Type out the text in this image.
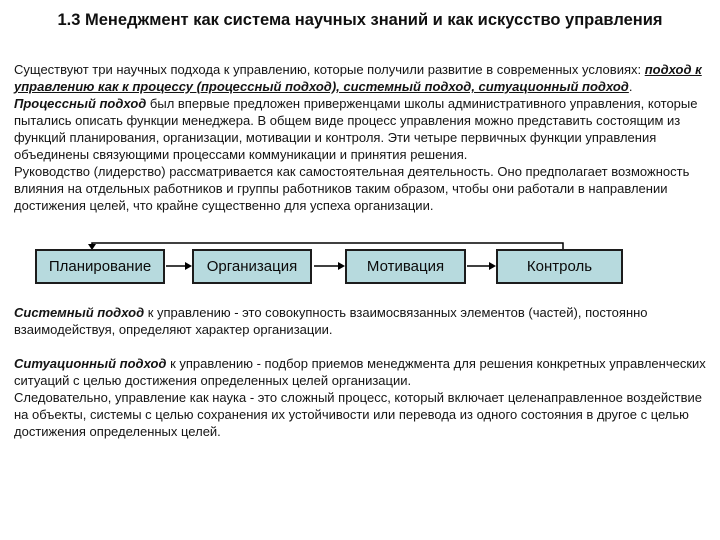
1.3 Менеджмент как система научных знаний и как искусство управления

Существуют три научных подхода к управлению, которые получили развитие в современных условиях: подход к управлению как к процессу (процессный подход), системный подход, ситуационный подход.

Процессный подход был впервые предложен приверженцами школы административного управления, которые пытались описать функции менеджера. В общем виде процесс управления можно представить состоящим из функций планирования, организации, мотивации и контроля. Эти четыре первичных функции управления объединены связующими процессами коммуникации и принятия решения.

Руководство (лидерство) рассматривается как самостоятельная деятельность. Оно предполагает возможность влияния на отдельных работников и группы работников таким образом, чтобы они работали в направлении достижения целей, что крайне существенно для успеха организации.

Планирование	Организация	Мотивация	Контроль

Системный подход к управлению - это совокупность взаимосвязанных элементов (частей), постоянно взаимодействуя, определяют характер организации.

Ситуационный подход к управлению - подбор приемов менеджмента для решения конкретных управленческих ситуаций с целью достижения определенных целей организации.

Следовательно, управление как наука - это сложный процесс, который включает целенаправленное воздействие на объекты, системы с целью сохранения их устойчивости или перевода из одного состояния в другое с целью достижения определенных целей.
